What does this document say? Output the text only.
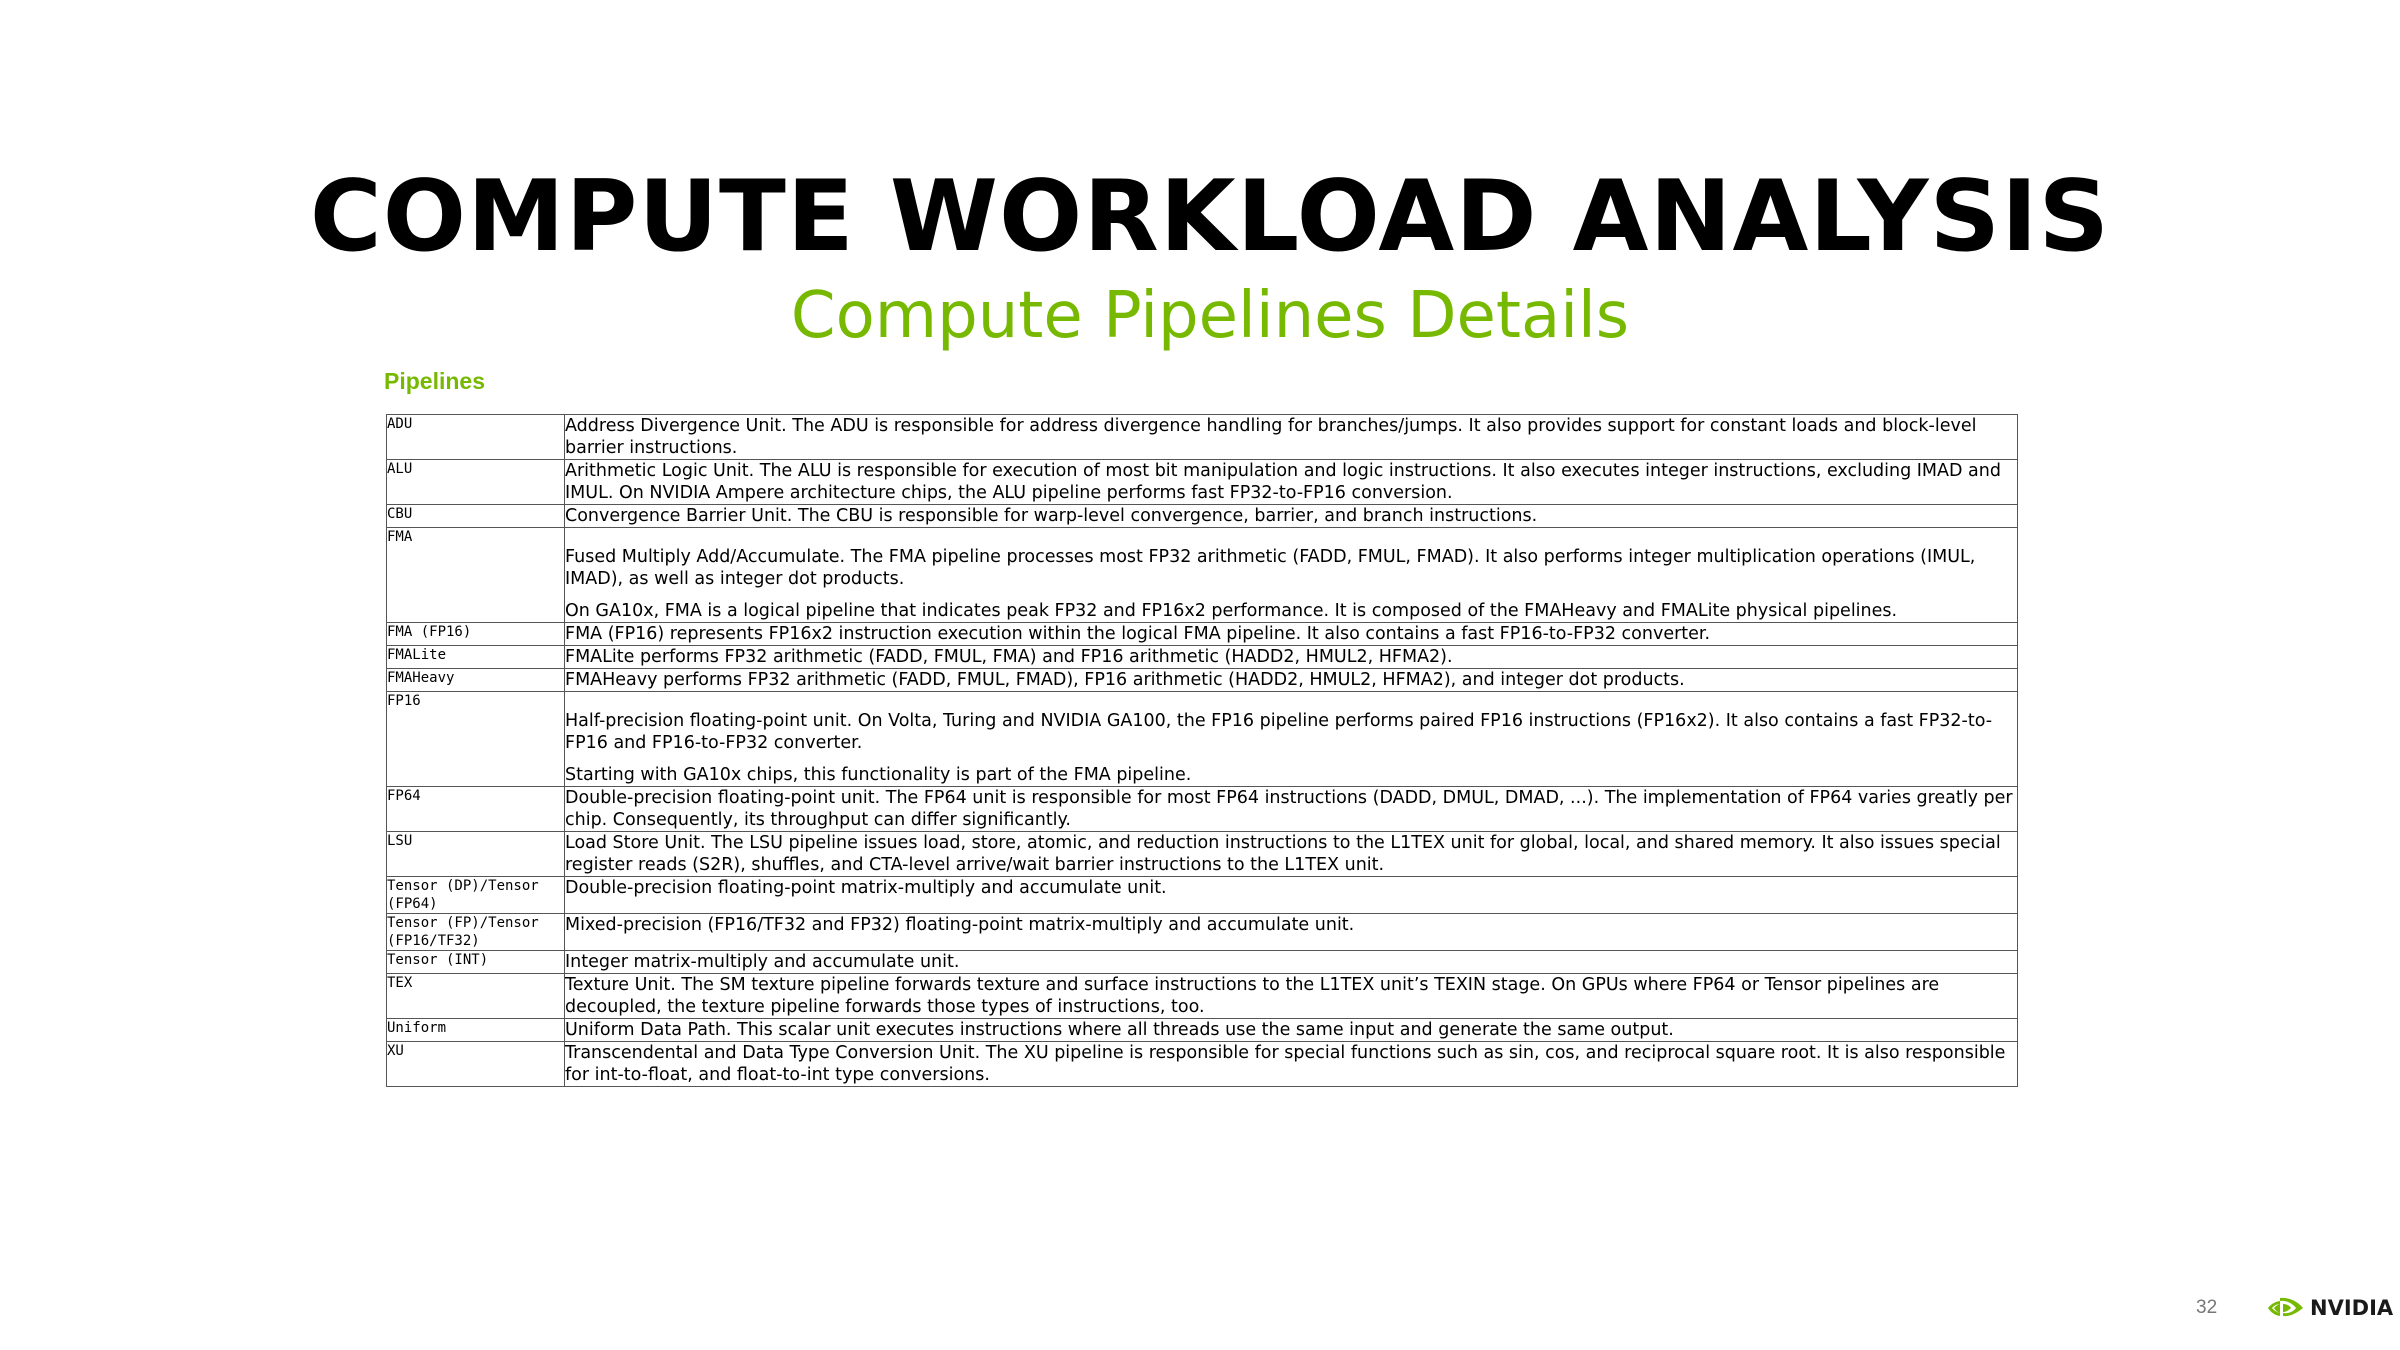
COMPUTE WORKLOAD ANALYSIS
Compute Pipelines Details
Pipelines
ADU	Address Divergence Unit. The ADU is responsible for address divergence handling for branches/jumps. It also provides support for constant loads and block-level barrier instructions.

ALU	Arithmetic Logic Unit. The ALU is responsible for execution of most bit manipulation and logic instructions. It also executes integer instructions, excluding IMAD and IMUL. On NVIDIA Ampere architecture chips, the ALU pipeline performs fast FP32-to-FP16 conversion.

CBU	Convergence Barrier Unit. The CBU is responsible for warp-level convergence, barrier, and branch instructions.

FMA	Fused Multiply Add/Accumulate. The FMA pipeline processes most FP32 arithmetic (FADD, FMUL, FMAD). It also performs integer multiplication operations (IMUL, IMAD), as well as integer dot products.

On GA10x, FMA is a logical pipeline that indicates peak FP32 and FP16x2 performance. It is composed of the FMAHeavy and FMALite physical pipelines.

FMA (FP16)	FMA (FP16) represents FP16x2 instruction execution within the logical FMA pipeline. It also contains a fast FP16-to-FP32 converter.

FMALite	FMALite performs FP32 arithmetic (FADD, FMUL, FMA) and FP16 arithmetic (HADD2, HMUL2, HFMA2).

FMAHeavy	FMAHeavy performs FP32 arithmetic (FADD, FMUL, FMAD), FP16 arithmetic (HADD2, HMUL2, HFMA2), and integer dot products.

FP16	Half-precision floating-point unit. On Volta, Turing and NVIDIA GA100, the FP16 pipeline performs paired FP16 instructions (FP16x2). It also contains a fast FP32-to-FP16 and FP16-to-FP32 converter.

Starting with GA10x chips, this functionality is part of the FMA pipeline.

FP64	Double-precision floating-point unit. The FP64 unit is responsible for most FP64 instructions (DADD, DMUL, DMAD, ...). The implementation of FP64 varies greatly per chip. Consequently, its throughput can differ significantly.

LSU	Load Store Unit. The LSU pipeline issues load, store, atomic, and reduction instructions to the L1TEX unit for global, local, and shared memory. It also issues special register reads (S2R), shuffles, and CTA-level arrive/wait barrier instructions to the L1TEX unit.

Tensor (DP)/Tensor (FP64)	Double-precision floating-point matrix-multiply and accumulate unit.

Tensor (FP)/Tensor (FP16/TF32)	Mixed-precision (FP16/TF32 and FP32) floating-point matrix-multiply and accumulate unit.

Tensor (INT)	Integer matrix-multiply and accumulate unit.

TEX	Texture Unit. The SM texture pipeline forwards texture and surface instructions to the L1TEX unit’s TEXIN stage. On GPUs where FP64 or Tensor pipelines are decoupled, the texture pipeline forwards those types of instructions, too.

Uniform	Uniform Data Path. This scalar unit executes instructions where all threads use the same input and generate the same output.

XU	Transcendental and Data Type Conversion Unit. The XU pipeline is responsible for special functions such as sin, cos, and reciprocal square root. It is also responsible for int-to-float, and float-to-int type conversions.

32	NVIDIA
